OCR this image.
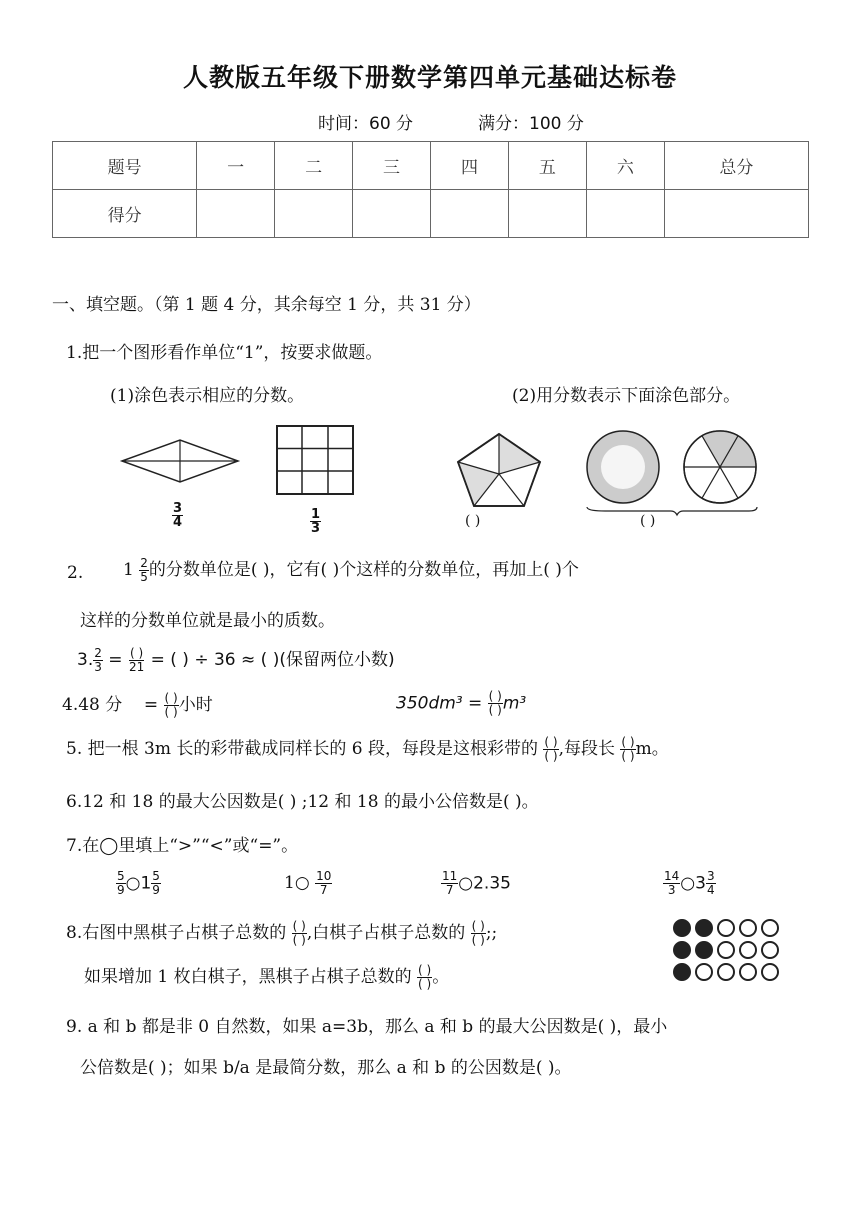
人教版五年级下册数学第四单元基础达标卷
时间：60 分	满分：100 分
题号	一	二	三	四	五	六	总分
得分							
一、填空题。（第 1 题 4 分，其余每空 1 分，共 31 分）
1.把一个图形看作单位“1”，按要求做题。
(1)涂色表示相应的分数。	(2)用分数表示下面涂色部分。
$\frac{3}{4}$	$\frac{1}{3}$	( )	( )
2. $1 \frac{2}{5}$ 的分数单位是( )，它有( )个这样的分数单位，再加上( )个
这样的分数单位就是最小的质数。
3. $\frac{2}{3} = \frac{( )}{21}$ = ( ) ÷ 36 ≈ ( )(保留两位小数)
4.48 分 = $\frac{( )}{( )}$ 小时	$350dm^3 = \frac{( )}{( )} m^3$
5. 把一根 3m 长的彩带截成同样长的 6 段，每段是这根彩带的 $\frac{( )}{( )}$ ,每段长 $\frac{( )}{( )}$ m。
6.12 和 18 的最大公因数是( ) ;12 和 18 的最小公倍数是( )。
7.在◯里填上“>”“<”或“=”。
$\frac{5}{9}$ ○1 $\frac{5}{9}$	1○ $\frac{10}{7}$	$\frac{11}{7}$ ○2.35	$\frac{14}{3}$ ○3 $\frac{3}{4}$
8.右图中黑棋子占棋子总数的 $\frac{( )}{( )}$ ,白棋子占棋子总数的 $\frac{( )}{( )}$ ;;
如果增加 1 枚白棋子，黑棋子占棋子总数的 $\frac{( )}{( )}$ 。
9. a 和 b 都是非 0 自然数，如果 a=3b，那么 a 和 b 的最大公因数是( )，最小
公倍数是( )；如果 b/a 是最简分数，那么 a 和 b 的公因数是( )。
